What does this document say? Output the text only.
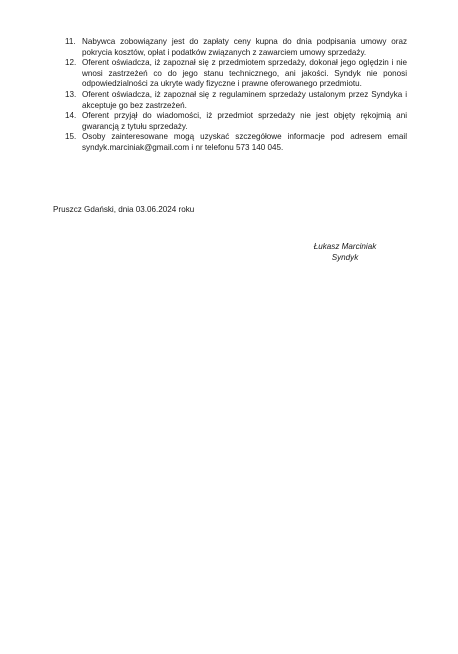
11. Nabywca zobowiązany jest do zapłaty ceny kupna do dnia podpisania umowy oraz pokrycia kosztów, opłat i podatków związanych z zawarciem umowy sprzedaży.
12. Oferent oświadcza, iż zapoznał się z przedmiotem sprzedaży, dokonał jego oględzin i nie wnosi zastrzeżeń co do jego stanu technicznego, ani jakości. Syndyk nie ponosi odpowiedzialności za ukryte wady fizyczne i prawne oferowanego przedmiotu.
13. Oferent oświadcza, iż zapoznał się z regulaminem sprzedaży ustalonym przez Syndyka i akceptuje go bez zastrzeżeń.
14. Oferent przyjął do wiadomości, iż przedmiot sprzedaży nie jest objęty rękojmią ani gwarancją z tytułu sprzedaży.
15. Osoby zainteresowane mogą uzyskać szczegółowe informacje pod adresem email syndyk.marciniak@gmail.com i nr telefonu 573 140 045.
Pruszcz Gdański, dnia 03.06.2024 roku
Łukasz Marciniak
Syndyk
